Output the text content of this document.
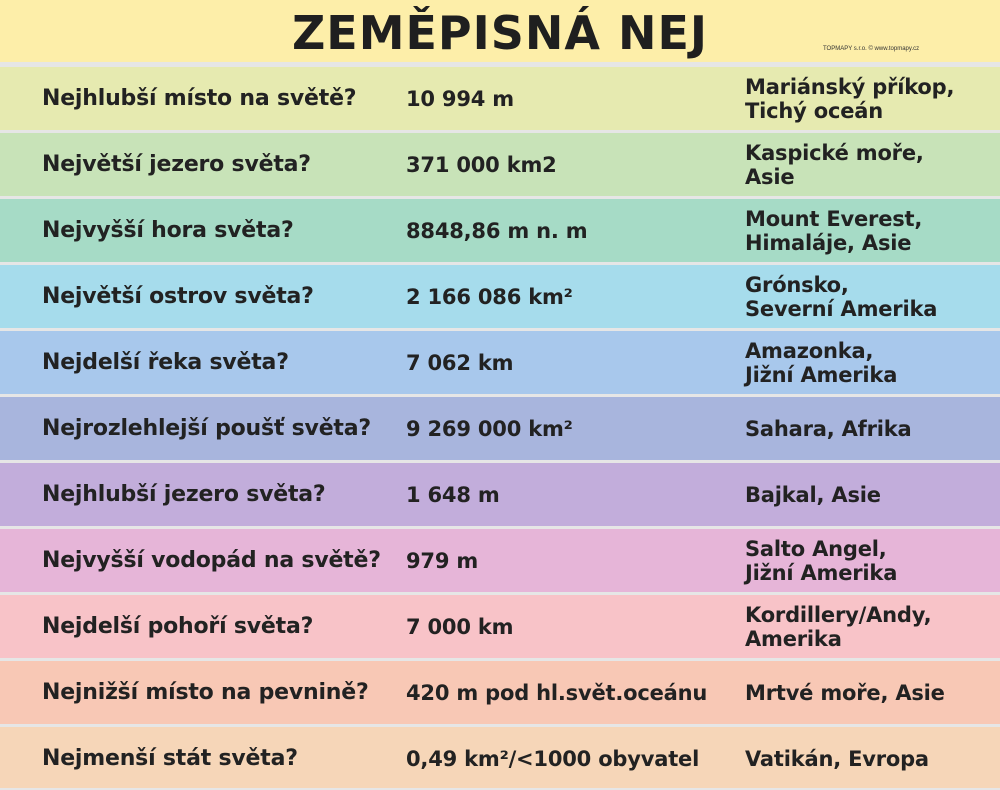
ZEMĚPISNÁ NEJ	TOPMAPY s.r.o. © www.topmapy.cz
Nejhlubší místo na světě?	10 994 m	Mariánský příkop,
Tichý oceán
Největší jezero světa?	371 000 km2	Kaspické moře,
Asie
Nejvyšší hora světa?	8848,86 m n. m	Mount Everest,
Himaláje, Asie
Největší ostrov světa?	2 166 086 km²	Grónsko,
Severní Amerika
Nejdelší řeka světa?	7 062 km	Amazonka,
Jižní Amerika
Nejrozlehlejší poušť světa?	9 269 000 km²	Sahara, Afrika
Nejhlubší jezero světa?	1 648 m	Bajkal, Asie
Nejvyšší vodopád na světě?	979 m	Salto Angel,
Jižní Amerika
Nejdelší pohoří světa?	7 000 km	Kordillery/Andy,
Amerika
Nejnižší místo na pevnině?	420 m pod hl.svět.oceánu	Mrtvé moře, Asie
Nejmenší stát světa?	0,49 km²/<1000 obyvatel	Vatikán, Evropa
